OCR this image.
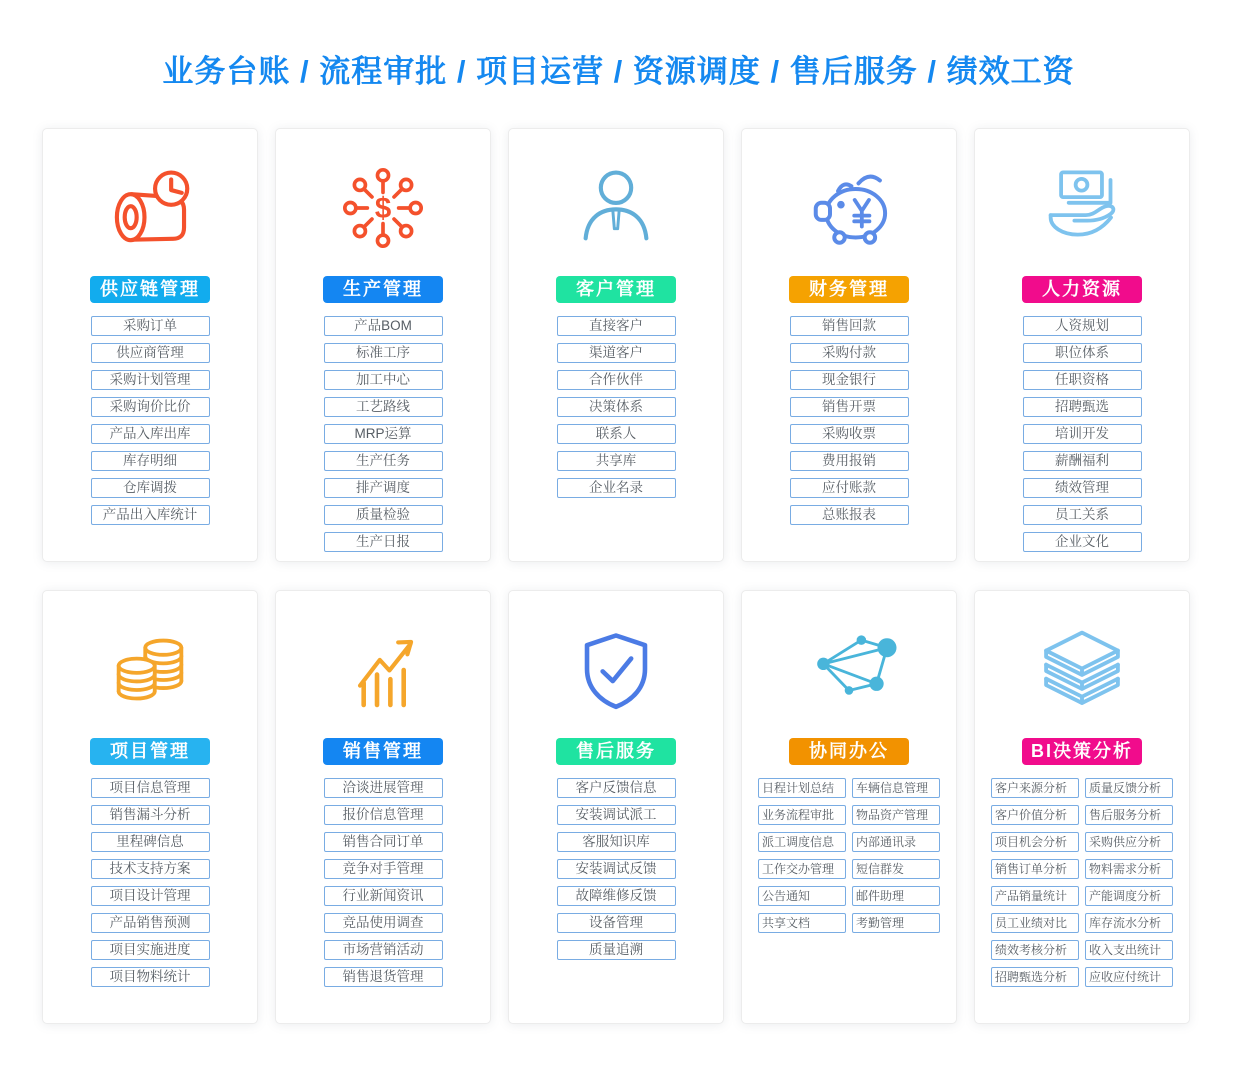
业务台账 / 流程审批 / 项目运营 / 资源调度 / 售后服务 / 绩效工资
供应链管理
采购订单
供应商管理
采购计划管理
采购询价比价
产品入库出库
库存明细
仓库调拨
产品出入库统计
$
生产管理
产品BOM
标准工序
加工中心
工艺路线
MRP运算
生产任务
排产调度
质量检验
生产日报
客户管理
直接客户
渠道客户
合作伙伴
决策体系
联系人
共享库
企业名录
财务管理
销售回款
采购付款
现金银行
销售开票
采购收票
费用报销
应付账款
总账报表
人力资源
人资规划
职位体系
任职资格
招聘甄选
培训开发
薪酬福利
绩效管理
员工关系
企业文化
项目管理
项目信息管理
销售漏斗分析
里程碑信息
技术支持方案
项目设计管理
产品销售预测
项目实施进度
项目物料统计
销售管理
洽谈进展管理
报价信息管理
销售合同订单
竞争对手管理
行业新闻资讯
竞品使用调查
市场营销活动
销售退货管理
售后服务
客户反馈信息
安装调试派工
客服知识库
安装调试反馈
故障维修反馈
设备管理
质量追溯
协同办公
日程计划总结
业务流程审批
派工调度信息
工作交办管理
公告通知
共享文档
车辆信息管理
物品资产管理
内部通讯录
短信群发
邮件助理
考勤管理
BI决策分析
客户来源分析
客户价值分析
项目机会分析
销售订单分析
产品销量统计
员工业绩对比
绩效考核分析
招聘甄选分析
质量反馈分析
售后服务分析
采购供应分析
物料需求分析
产能调度分析
库存流水分析
收入支出统计
应收应付统计
